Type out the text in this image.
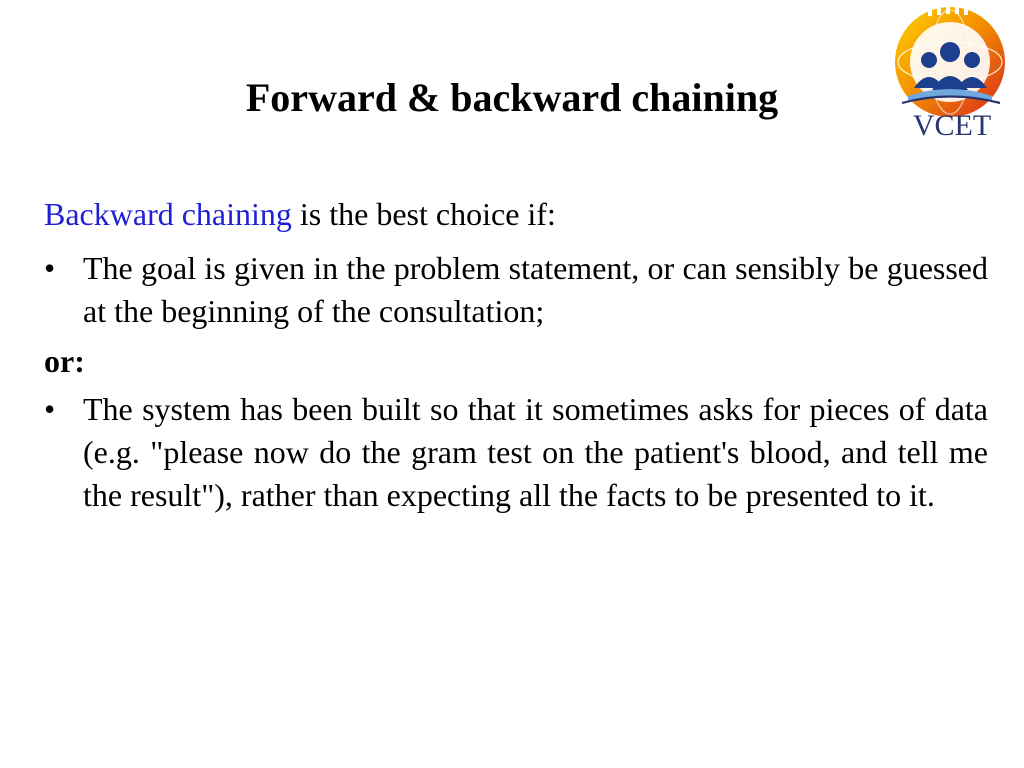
Forward & backward chaining
VCET

Backward chaining is the best choice if:

• The goal is given in the problem statement, or can sensibly be guessed at the beginning of the consultation;

or:

• The system has been built so that it sometimes asks for pieces of data (e.g. "please now do the gram test on the patient's blood, and tell me the result"), rather than expecting all the facts to be presented to it.
